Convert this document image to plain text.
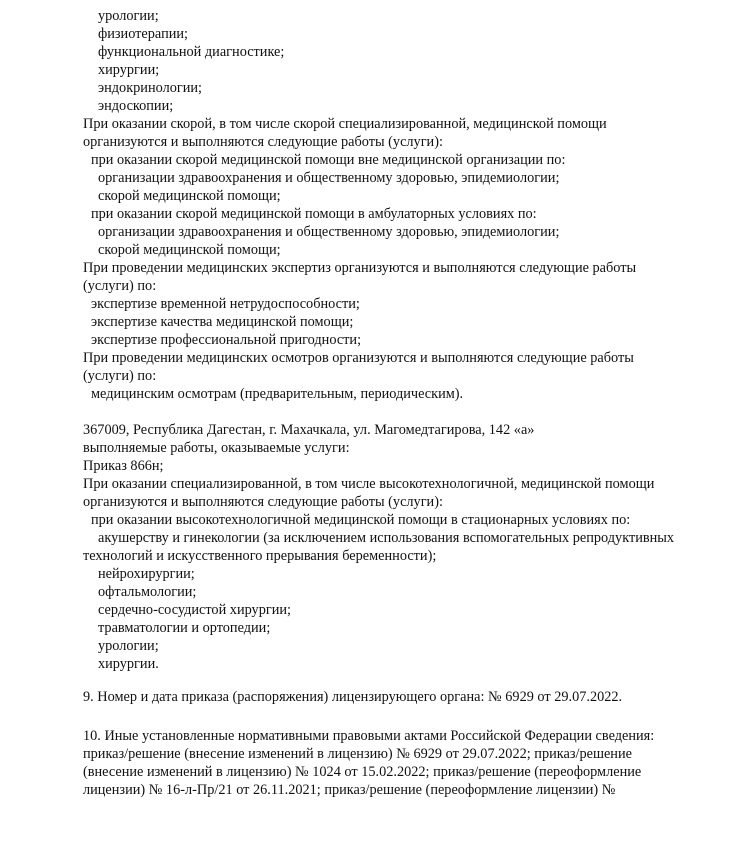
урологии;
физиотерапии;
функциональной диагностике;
хирургии;
эндокринологии;
эндоскопии;
При оказании скорой, в том числе скорой специализированной, медицинской помощи
организуются и выполняются следующие работы (услуги):
при оказании скорой медицинской помощи вне медицинской организации по:
организации здравоохранения и общественному здоровью, эпидемиологии;
скорой медицинской помощи;
при оказании скорой медицинской помощи в амбулаторных условиях по:
организации здравоохранения и общественному здоровью, эпидемиологии;
скорой медицинской помощи;
При проведении медицинских экспертиз организуются и выполняются следующие работы
(услуги) по:
экспертизе временной нетрудоспособности;
экспертизе качества медицинской помощи;
экспертизе профессиональной пригодности;
При проведении медицинских осмотров организуются и выполняются следующие работы
(услуги) по:
медицинским осмотрам (предварительным, периодическим).
367009, Республика Дагестан, г. Махачкала, ул. Магомедтагирова, 142 «а»
выполняемые работы, оказываемые услуги:
Приказ 866н;
При оказании специализированной, в том числе высокотехнологичной, медицинской помощи
организуются и выполняются следующие работы (услуги):
при оказании высокотехнологичной медицинской помощи в стационарных условиях по:
акушерству и гинекологии (за исключением использования вспомогательных репродуктивных
технологий и искусственного прерывания беременности);
нейрохирургии;
офтальмологии;
сердечно-сосудистой хирургии;
травматологии и ортопедии;
урологии;
хирургии.
9. Номер и дата приказа (распоряжения) лицензирующего органа: № 6929 от 29.07.2022.
10. Иные установленные нормативными правовыми актами Российской Федерации сведения:
приказ/решение (внесение изменений в лицензию) № 6929 от 29.07.2022; приказ/решение
(внесение изменений в лицензию) № 1024 от 15.02.2022; приказ/решение (переоформление
лицензии) № 16-л-Пр/21 от 26.11.2021; приказ/решение (переоформление лицензии) №
